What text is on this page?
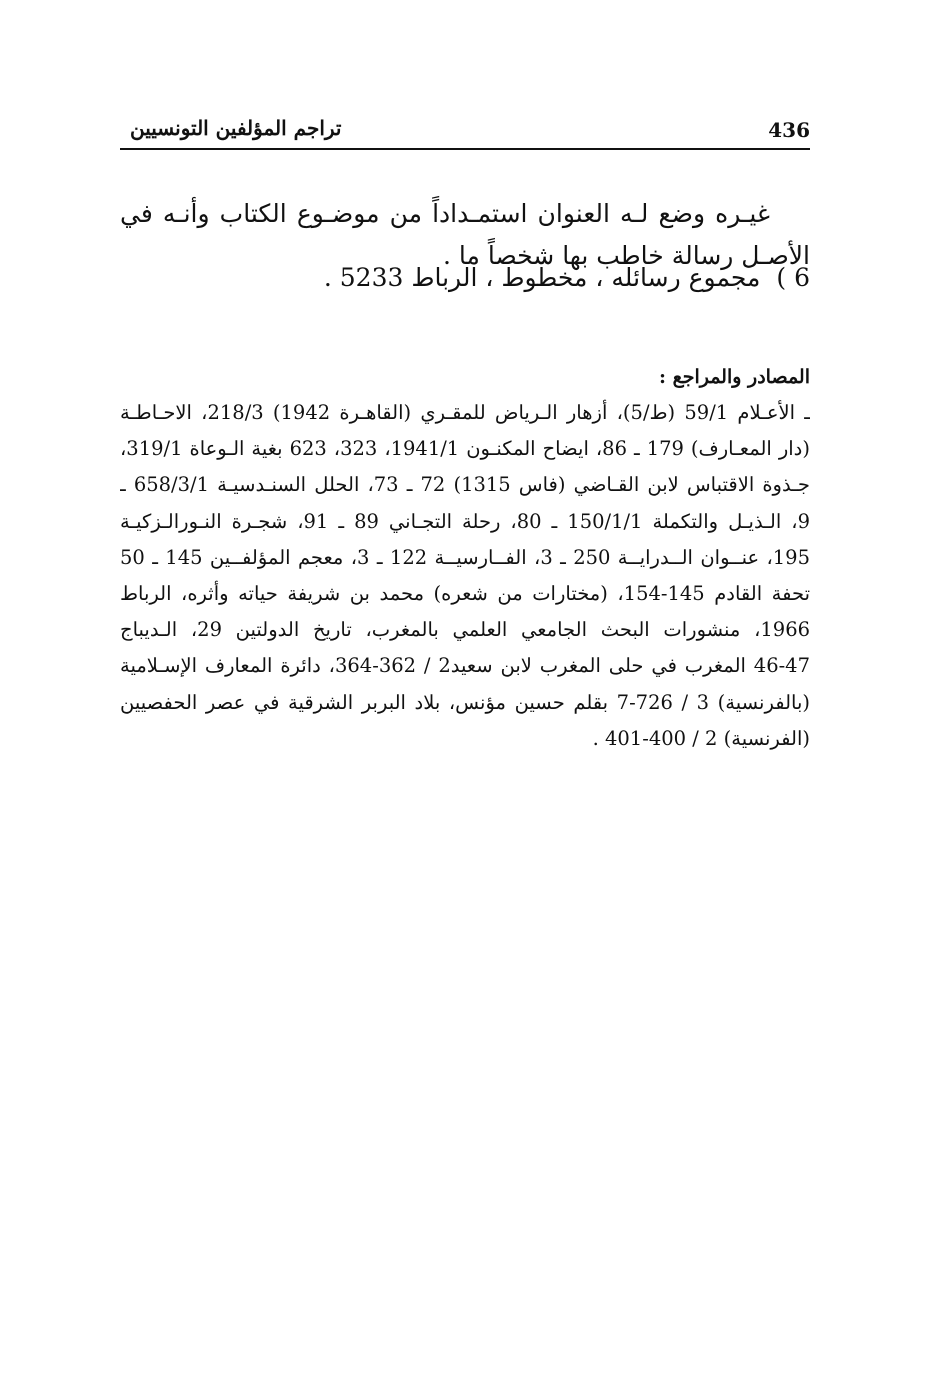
436
تراجم المؤلفين التونسيين

غيـره وضع لـه العنوان استمـداداً من موضـوع الكتاب وأنـه في الأصـل رسالة خاطب بها شخصاً ما .

6 ) مجموع رسائله ، مخطوط ، الرباط 5233 .
المصادر والمراجع :
ـ الأعـلام 59/1 (ط/5)، أزهار الـرياض للمقـري (القاهـرة 1942) 218/3، الاحـاطـة
(دار المعـارف) 179 ـ 86، ايضاح المكنـون 1941/1، 323، 623 بغية الـوعاة 319/1،
جـذوة الاقتباس لابن القـاضي (فاس 1315) 72 ـ 73، الحلل السنـدسيـة 658/3/1 ـ
9، الـذيـل والتكملة 150/1/1 ـ 80، رحلة التجـاني 89 ـ 91، شجـرة النـورالـزكيـة
195، عنــوان الــدرايــة 250 ـ 3، الفــارسيــة 122 ـ 3، معجم المؤلفــين 145 ـ 50
تحفة القادم 145-154، (مختارات من شعره) محمد بن شريفة حياته وأثره، الرباط
1966، منشورات البحث الجامعي العلمي بالمغرب، تاريخ الدولتين 29، الـديباج
46-47 المغرب في حلى المغرب لابن سعيد2 / 362-364، دائرة المعارف الإسـلامية
(بالفرنسية) 3 / 726-7 بقلم حسين مؤنس، بلاد البربر الشرقية في عصر الحفصيين
(الفرنسية) 2 / 400-401 .
